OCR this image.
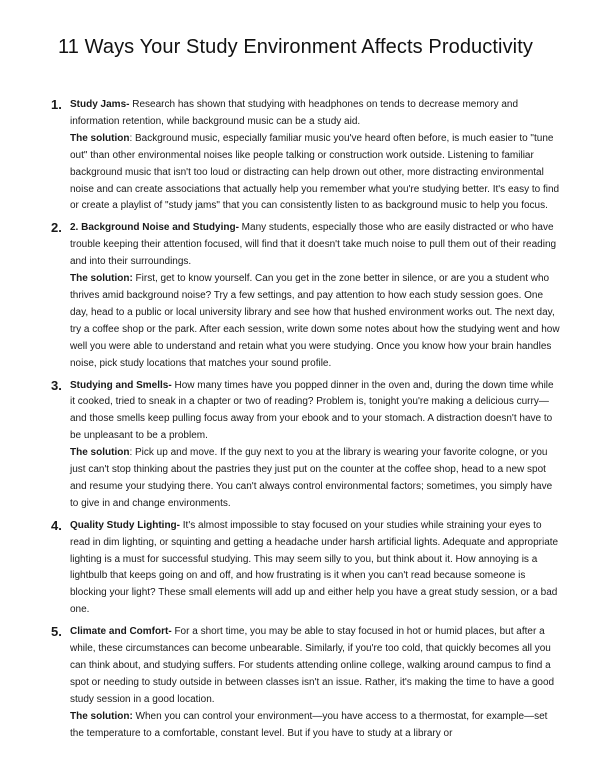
11 Ways Your Study Environment Affects Productivity
1. Study Jams- Research has shown that studying with headphones on tends to decrease memory and information retention, while background music can be a study aid.

The solution: Background music, especially familiar music you've heard often before, is much easier to "tune out" than other environmental noises like people talking or construction work outside. Listening to familiar background music that isn't too loud or distracting can help drown out other, more distracting environmental noise and can create associations that actually help you remember what you're studying better. It's easy to find or create a playlist of "study jams" that you can consistently listen to as background music to help you focus.

2. 2. Background Noise and Studying- Many students, especially those who are easily distracted or who have trouble keeping their attention focused, will find that it doesn't take much noise to pull them out of their reading and into their surroundings.

The solution: First, get to know yourself. Can you get in the zone better in silence, or are you a student who thrives amid background noise? Try a few settings, and pay attention to how each study session goes. One day, head to a public or local university library and see how that hushed environment works out. The next day, try a coffee shop or the park. After each session, write down some notes about how the studying went and how well you were able to understand and retain what you were studying. Once you know how your brain handles noise, pick study locations that matches your sound profile.

3. Studying and Smells- How many times have you popped dinner in the oven and, during the down time while it cooked, tried to sneak in a chapter or two of reading? Problem is, tonight you're making a delicious curry—and those smells keep pulling focus away from your ebook and to your stomach. A distraction doesn't have to be unpleasant to be a problem.

The solution: Pick up and move. If the guy next to you at the library is wearing your favorite cologne, or you just can't stop thinking about the pastries they just put on the counter at the coffee shop, head to a new spot and resume your studying there. You can't always control environmental factors; sometimes, you simply have to give in and change environments.

4. Quality Study Lighting- It's almost impossible to stay focused on your studies while straining your eyes to read in dim lighting, or squinting and getting a headache under harsh artificial lights. Adequate and appropriate lighting is a must for successful studying. This may seem silly to you, but think about it. How annoying is a lightbulb that keeps going on and off, and how frustrating is it when you can't read because someone is blocking your light? These small elements will add up and either help you have a great study session, or a bad one.

5. Climate and Comfort- For a short time, you may be able to stay focused in hot or humid places, but after a while, these circumstances can become unbearable. Similarly, if you're too cold, that quickly becomes all you can think about, and studying suffers. For students attending online college, walking around campus to find a spot or needing to study outside in between classes isn't an issue. Rather, it's making the time to have a good study session in a good location.

The solution: When you can control your environment—you have access to a thermostat, for example—set the temperature to a comfortable, constant level. But if you have to study at a library or
